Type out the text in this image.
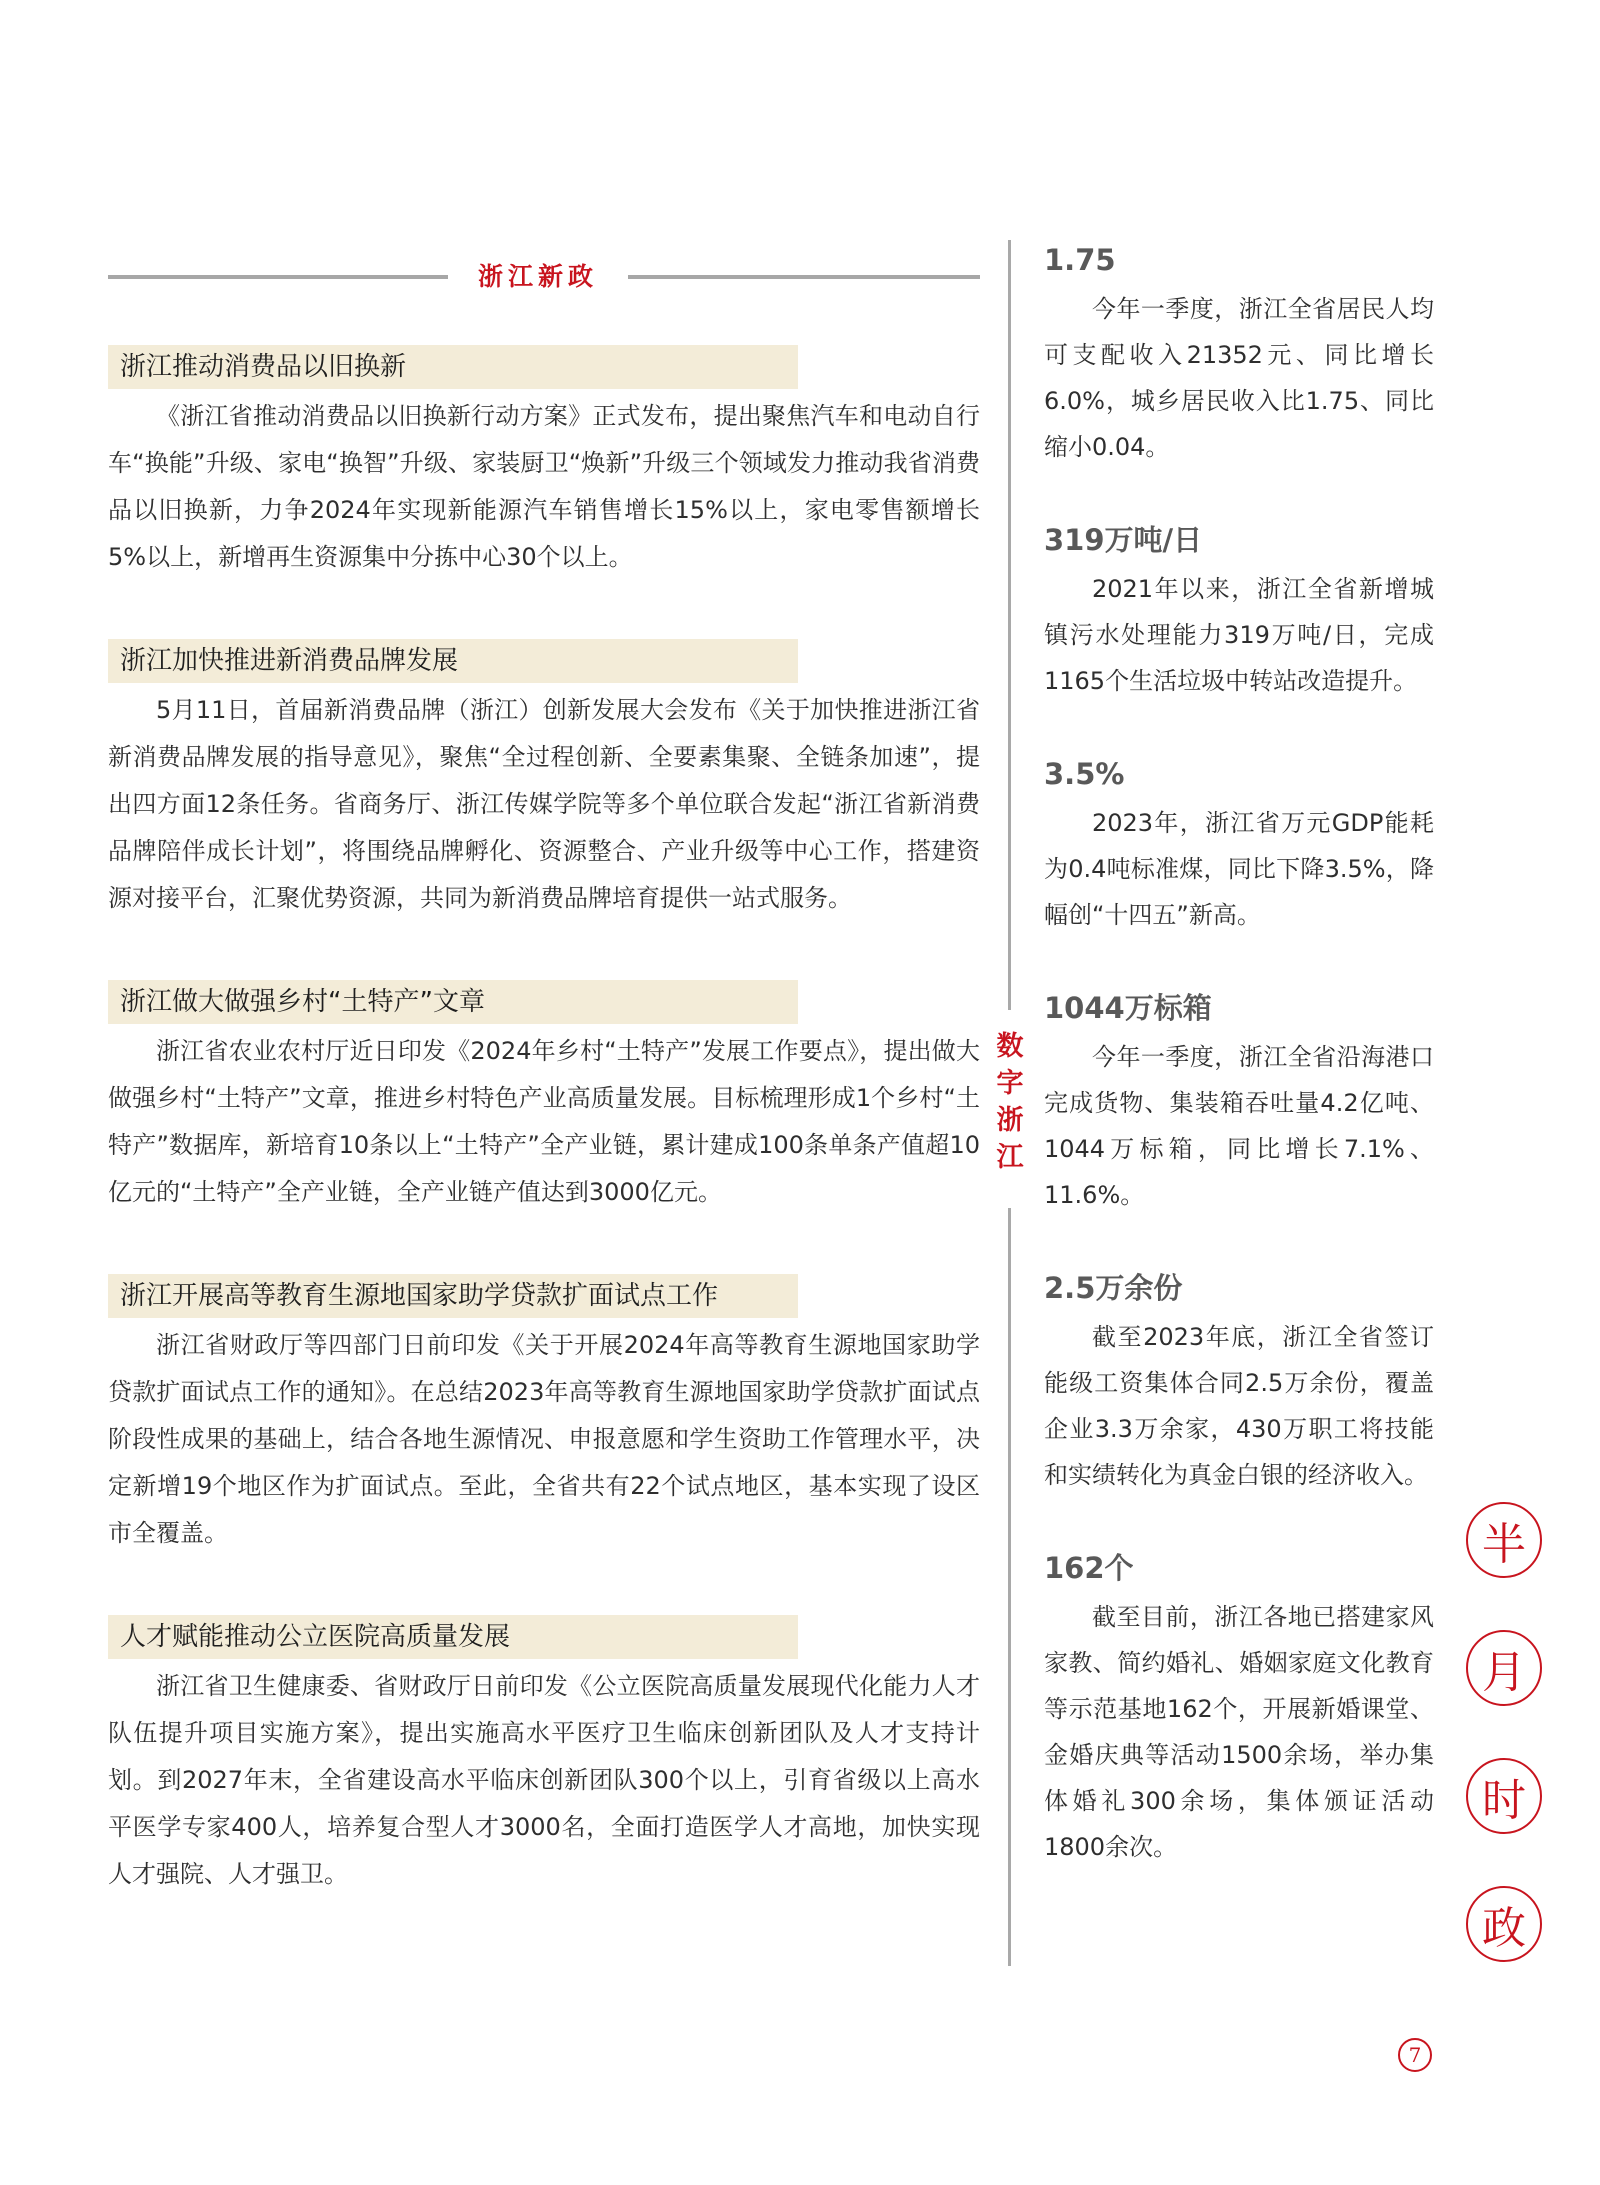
浙江新政
浙江推动消费品以旧换新

《浙江省推动消费品以旧换新行动方案》正式发布，提出聚焦汽车和电动自行车“换能”升级、家电“换智”升级、家装厨卫“焕新”升级三个领域发力推动我省消费品以旧换新，力争2024年实现新能源汽车销售增长15%以上，家电零售额增长5%以上，新增再生资源集中分拣中心30个以上。

浙江加快推进新消费品牌发展

5月11日，首届新消费品牌（浙江）创新发展大会发布《关于加快推进浙江省新消费品牌发展的指导意见》，聚焦“全过程创新、全要素集聚、全链条加速”，提出四方面12条任务。省商务厅、浙江传媒学院等多个单位联合发起“浙江省新消费品牌陪伴成长计划”，将围绕品牌孵化、资源整合、产业升级等中心工作，搭建资源对接平台，汇聚优势资源，共同为新消费品牌培育提供一站式服务。

浙江做大做强乡村“土特产”文章

浙江省农业农村厅近日印发《2024年乡村“土特产”发展工作要点》，提出做大做强乡村“土特产”文章，推进乡村特色产业高质量发展。目标梳理形成1个乡村“土特产”数据库，新培育10条以上“土特产”全产业链，累计建成100条单条产值超10亿元的“土特产”全产业链，全产业链产值达到3000亿元。

浙江开展高等教育生源地国家助学贷款扩面试点工作

浙江省财政厅等四部门日前印发《关于开展2024年高等教育生源地国家助学贷款扩面试点工作的通知》。在总结2023年高等教育生源地国家助学贷款扩面试点阶段性成果的基础上，结合各地生源情况、申报意愿和学生资助工作管理水平，决定新增19个地区作为扩面试点。至此，全省共有22个试点地区，基本实现了设区市全覆盖。

人才赋能推动公立医院高质量发展

浙江省卫生健康委、省财政厅日前印发《公立医院高质量发展现代化能力人才队伍提升项目实施方案》，提出实施高水平医疗卫生临床创新团队及人才支持计划。到2027年末，全省建设高水平临床创新团队300个以上，引育省级以上高水平医学专家400人，培养复合型人才3000名，全面打造医学人才高地，加快实现人才强院、人才强卫。

数
字
浙
江
1.75

今年一季度，浙江全省居民人均可支配收入21352元、同比增长6.0%，城乡居民收入比1.75、同比缩小0.04。

319万吨/日

2021年以来，浙江全省新增城镇污水处理能力319万吨/日，完成1165个生活垃圾中转站改造提升。

3.5%

2023年，浙江省万元GDP能耗为0.4吨标准煤，同比下降3.5%，降幅创“十四五”新高。

1044万标箱

今年一季度，浙江全省沿海港口完成货物、集装箱吞吐量4.2亿吨、1044万标箱，同比增长7.1%、11.6%。

2.5万余份

截至2023年底，浙江全省签订能级工资集体合同2.5万余份，覆盖企业3.3万余家，430万职工将技能和实绩转化为真金白银的经济收入。

162个

截至目前，浙江各地已搭建家风家教、简约婚礼、婚姻家庭文化教育等示范基地162个，开展新婚课堂、金婚庆典等活动1500余场，举办集体婚礼300余场，集体颁证活动1800余次。

半
月
时
政
7
